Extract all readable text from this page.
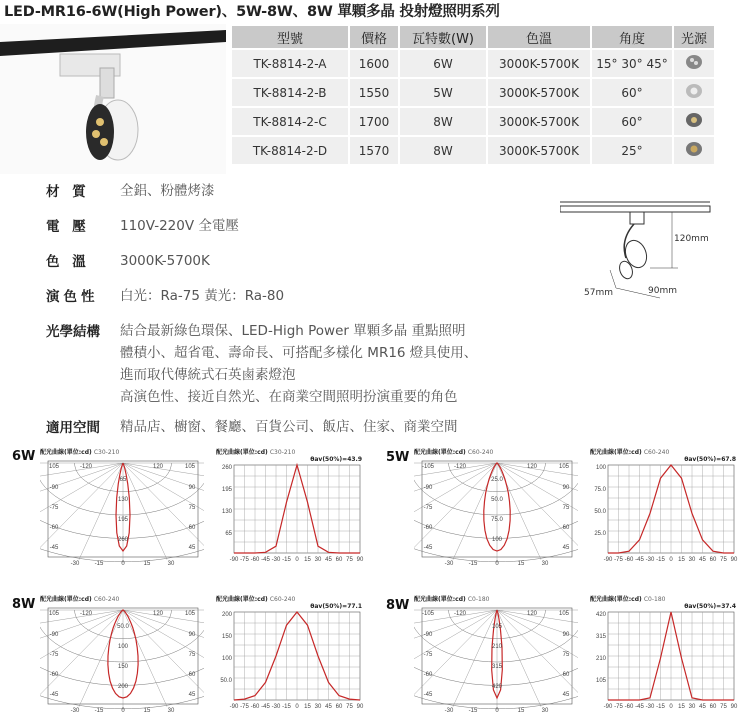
LED-MR16-6W(High Power)、5W-8W、8W 單顆多晶 投射燈照明系列
型號	價格	瓦特數(W)	色溫	角度	光源
TK-8814-2-A	1600	6W	3000K-5700K	15° 30° 45°	
TK-8814-2-B	1550	5W	3000K-5700K	60°	
TK-8814-2-C	1700	8W	3000K-5700K	60°	
TK-8814-2-D	1570	8W	3000K-5700K	25°	
材 質	全鋁、粉體烤漆
電 壓	110V-220V 全電壓
色 溫	3000K-5700K
演色性	白光：Ra-75 黃光：Ra-80
光學結構	結合最新綠色環保、LED-High Power 單顆多晶 重點照明
體積小、超省電、壽命長、可搭配多樣化 MR16 燈具使用、
進而取代傳統式石英鹵素燈泡
高演色性、接近自然光、在商業空間照明扮演重要的角色
適用空間	精品店、櫥窗、餐廳、百貨公司、飯店、住家、商業空間
120mm
57mm	90mm
6W	5W
8W	8W
配光曲線(單位:cd) C30-210
65
130
195
260
105	-120	120	105
-90
-75
-60
-45
90
75
60
45
-30	-15	0	15	30
配光曲線(單位:cd) C30-210
θav(50%)=43.9
260
195
130
65
-90 -75 -60 -45 -30 -15 0 15 30 45 60 75 90
配光曲線(單位:cd) C60-240
25.0
50.0
75.0
100
-105	-120	120	105
-90
-75
-60
-45
90
75
60
45
-30	-15	0	15	30
配光曲線(單位:cd) C60-240
θav(50%)=67.8
100
75.0
50.0
25.0
-90 -75 -60 -45 -30 -15 0 15 30 45 60 75 90
配光曲線(單位:cd) C60-240
50.0
100
150
200
105	-120	120	105
-90
-75
-60
-45
90
75
60
45
-30	-15	0	15	30
配光曲線(單位:cd) C60-240
θav(50%)=77.1
200
150
100
50.0
-90 -75 -60 -45 -30 -15 0 15 30 45 60 75 90
配光曲線(單位:cd) C0-180
105
210
315
420
-105	-120	120	105
-90
-75
-60
-45
90
75
60
45
-30	-15	0	15	30
配光曲線(單位:cd) C0-180
θav(50%)=37.4
420
315
210
105
-90 -75 -60 -45 -30 -15 0 15 30 45 60 75 90
